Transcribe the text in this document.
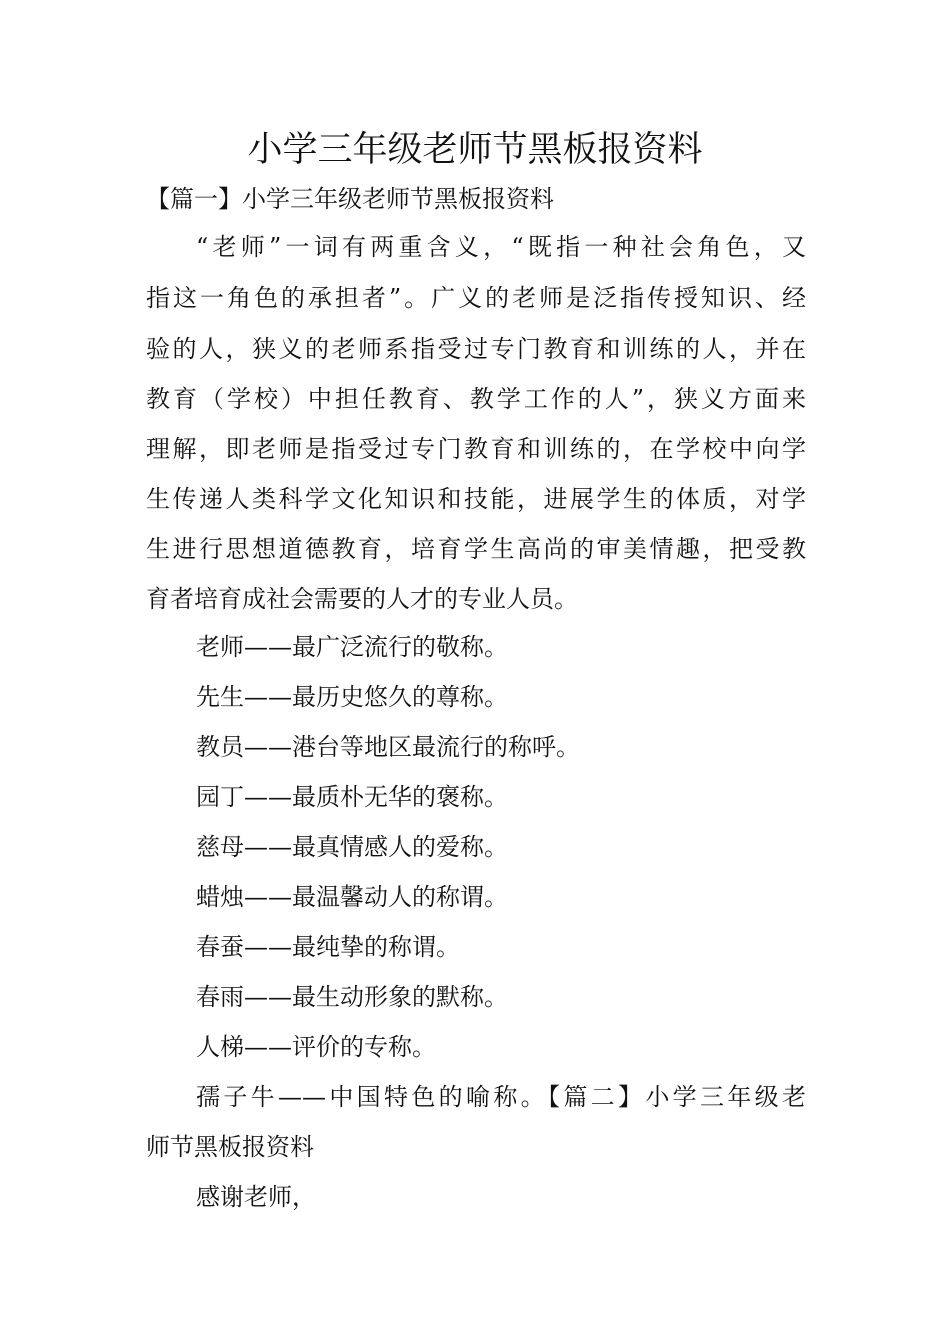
小学三年级老师节黑板报资料
【篇一】小学三年级老师节黑板报资料
“老师”一词有两重含义，“既指一种社会角色，又
指这一角色的承担者”。广义的老师是泛指传授知识、经
验的人，狭义的老师系指受过专门教育和训练的人，并在
教育（学校）中担任教育、教学工作的人”，狭义方面来
理解，即老师是指受过专门教育和训练的，在学校中向学
生传递人类科学文化知识和技能，进展学生的体质，对学
生进行思想道德教育，培育学生高尚的审美情趣，把受教
育者培育成社会需要的人才的专业人员。
老师——最广泛流行的敬称。
先生——最历史悠久的尊称。
教员——港台等地区最流行的称呼。
园丁——最质朴无华的褒称。
慈母——最真情感人的爱称。
蜡烛——最温馨动人的称谓。
春蚕——最纯挚的称谓。
春雨——最生动形象的默称。
人梯——评价的专称。
孺子牛——中国特色的喻称。【篇二】小学三年级老
师节黑板报资料
感谢老师，
